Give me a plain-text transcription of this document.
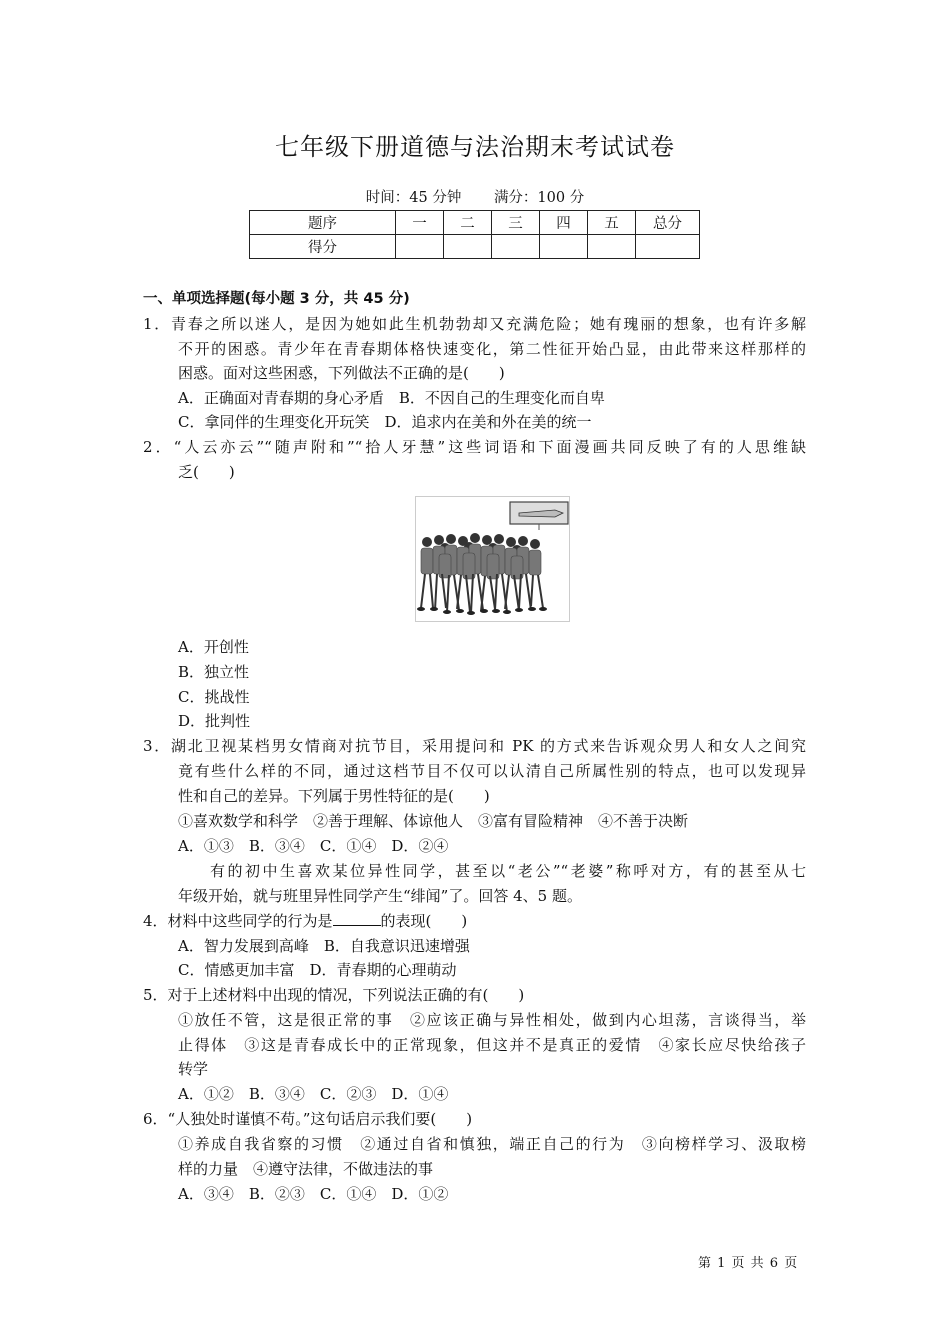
七年级下册道德与法治期末考试试卷
时间：45 分钟 满分：100 分
题序	一	二	三	四	五	总分
得分						
一、单项选择题(每小题 3 分，共 45 分)
1．青春之所以迷人，是因为她如此生机勃勃却又充满危险；她有瑰丽的想象，也有许多解
不开的困惑。青少年在青春期体格快速变化，第二性征开始凸显，由此带来这样那样的
困惑。面对这些困惑，下列做法不正确的是(　　)
A．正确面对青春期的身心矛盾　B．不因自己的生理变化而自卑
C．拿同伴的生理变化开玩笑　D．追求内在美和外在美的统一
2．“人云亦云”“随声附和”“拾人牙慧”这些词语和下面漫画共同反映了有的人思维缺
乏(　　)
A．开创性
B．独立性
C．挑战性
D．批判性
3．湖北卫视某档男女情商对抗节目，采用提问和 PK 的方式来告诉观众男人和女人之间究
竟有些什么样的不同，通过这档节目不仅可以认清自己所属性别的特点，也可以发现异
性和自己的差异。下列属于男性特征的是(　　)
①喜欢数学和科学　②善于理解、体谅他人　③富有冒险精神　④不善于决断
A．①③　B．③④　C．①④　D．②④
有的初中生喜欢某位异性同学，甚至以“老公”“老婆”称呼对方，有的甚至从七
年级开始，就与班里异性同学产生“绯闻”了。回答 4、5 题。
4．材料中这些同学的行为是	的表现(　　)
A．智力发展到高峰　B．自我意识迅速增强
C．情感更加丰富　D．青春期的心理萌动
5．对于上述材料中出现的情况，下列说法正确的有(　　)
①放任不管，这是很正常的事　②应该正确与异性相处，做到内心坦荡，言谈得当，举
止得体　③这是青春成长中的正常现象，但这并不是真正的爱情　④家长应尽快给孩子
转学
A．①②　B．③④　C．②③　D．①④
6．“人独处时谨慎不苟。”这句话启示我们要(　　)
①养成自我省察的习惯　②通过自省和慎独，端正自己的行为　③向榜样学习、汲取榜
样的力量　④遵守法律，不做违法的事
A．③④　B．②③　C．①④　D．①②
第 1 页 共 6 页
